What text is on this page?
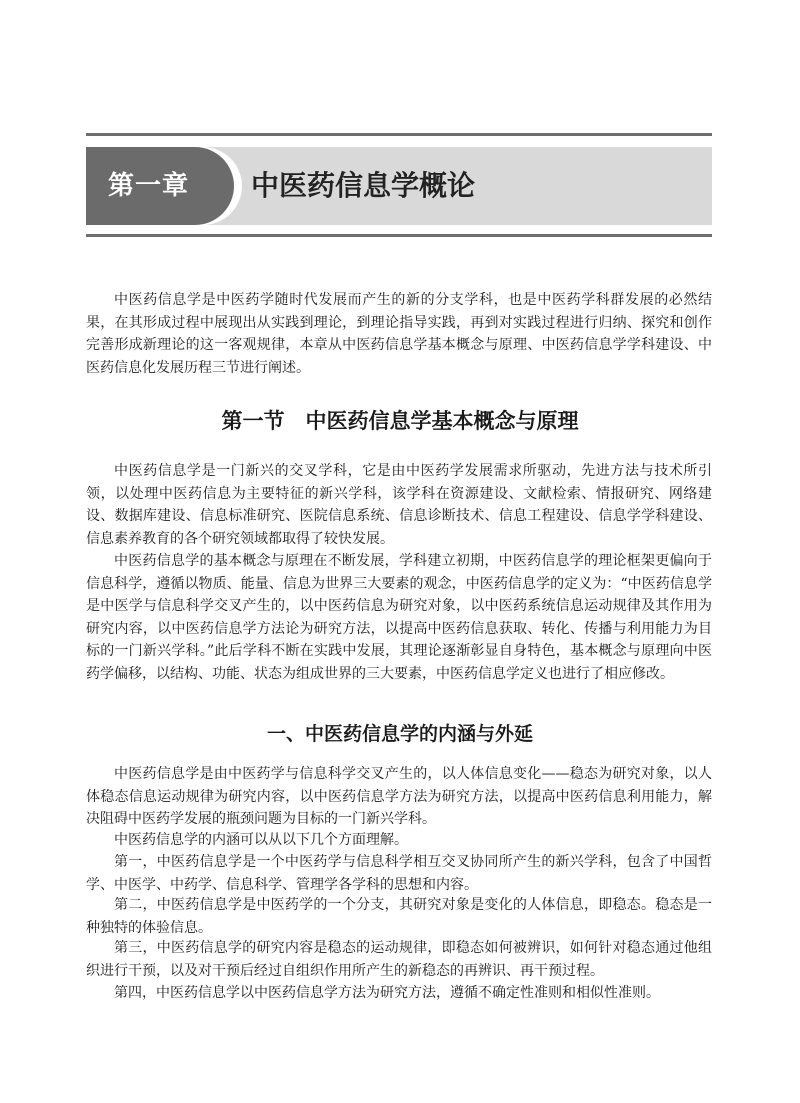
第一章	中医药信息学概论

中医药信息学是中医药学随时代发展而产生的新的分支学科，也是中医药学科群发展的必然结果，在其形成过程中展现出从实践到理论，到理论指导实践，再到对实践过程进行归纳、探究和创作完善形成新理论的这一客观规律，本章从中医药信息学基本概念与原理、中医药信息学学科建设、中医药信息化发展历程三节进行阐述。

第一节　中医药信息学基本概念与原理

中医药信息学是一门新兴的交叉学科，它是由中医药学发展需求所驱动，先进方法与技术所引领，以处理中医药信息为主要特征的新兴学科，该学科在资源建设、文献检索、情报研究、网络建设、数据库建设、信息标准研究、医院信息系统、信息诊断技术、信息工程建设、信息学学科建设、信息素养教育的各个研究领域都取得了较快发展。

中医药信息学的基本概念与原理在不断发展，学科建立初期，中医药信息学的理论框架更偏向于信息科学，遵循以物质、能量、信息为世界三大要素的观念，中医药信息学的定义为：“中医药信息学是中医学与信息科学交叉产生的，以中医药信息为研究对象，以中医药系统信息运动规律及其作用为研究内容，以中医药信息学方法论为研究方法，以提高中医药信息获取、转化、传播与利用能力为目标的一门新兴学科。”此后学科不断在实践中发展，其理论逐渐彰显自身特色，基本概念与原理向中医药学偏移，以结构、功能、状态为组成世界的三大要素，中医药信息学定义也进行了相应修改。

一、中医药信息学的内涵与外延

中医药信息学是由中医药学与信息科学交叉产生的，以人体信息变化——稳态为研究对象，以人体稳态信息运动规律为研究内容，以中医药信息学方法为研究方法，以提高中医药信息利用能力，解决阻碍中医药学发展的瓶颈问题为目标的一门新兴学科。

中医药信息学的内涵可以从以下几个方面理解。

第一，中医药信息学是一个中医药学与信息科学相互交叉协同所产生的新兴学科，包含了中国哲学、中医学、中药学、信息科学、管理学各学科的思想和内容。

第二，中医药信息学是中医药学的一个分支，其研究对象是变化的人体信息，即稳态。稳态是一种独特的体验信息。

第三，中医药信息学的研究内容是稳态的运动规律，即稳态如何被辨识，如何针对稳态通过他组织进行干预，以及对干预后经过自组织作用所产生的新稳态的再辨识、再干预过程。

第四，中医药信息学以中医药信息学方法为研究方法，遵循不确定性准则和相似性准则。
